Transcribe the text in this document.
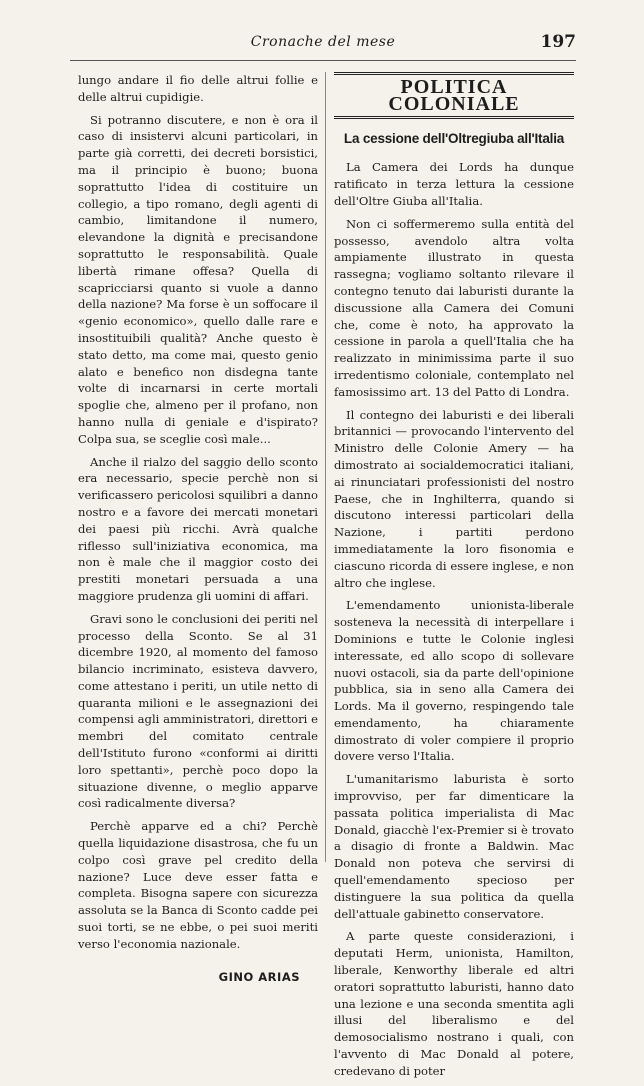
Cronache del mese	197

lungo andare il fio delle altrui follie e delle altrui cupidigie.

Si potranno discutere, e non è ora il caso di insistervi alcuni particolari, in parte già corretti, dei decreti borsistici, ma il principio è buono; buona soprattutto l'idea di costituire un collegio, a tipo romano, degli agenti di cambio, limitandone il numero, elevandone la dignità e precisandone soprattutto le responsabilità. Quale libertà rimane offesa? Quella di scapricciarsi quanto si vuole a danno della nazione? Ma forse è un soffocare il «genio economico», quello dalle rare e insostituibili qualità? Anche questo è stato detto, ma come mai, questo genio alato e benefico non disdegna tante volte di incarnarsi in certe mortali spoglie che, almeno per il profano, non hanno nulla di geniale e d'ispirato? Colpa sua, se sceglie così male...

Anche il rialzo del saggio dello sconto era necessario, specie perchè non si verificassero pericolosi squilibri a danno nostro e a favore dei mercati monetari dei paesi più ricchi. Avrà qualche riflesso sull'iniziativa economica, ma non è male che il maggior costo dei prestiti monetari persuada a una maggiore prudenza gli uomini di affari.

Gravi sono le conclusioni dei periti nel processo della Sconto. Se al 31 dicembre 1920, al momento del famoso bilancio incriminato, esisteva davvero, come attestano i periti, un utile netto di quaranta milioni e le assegnazioni dei compensi agli amministratori, direttori e membri del comitato centrale dell'Istituto furono «conformi ai diritti loro spettanti», perchè poco dopo la situazione divenne, o meglio apparve così radicalmente diversa?

Perchè apparve ed a chi? Perchè quella liquidazione disastrosa, che fu un colpo così grave pel credito della nazione? Luce deve esser fatta e completa. Bisogna sapere con sicurezza assoluta se la Banca di Sconto cadde pei suoi torti, se ne ebbe, o pei suoi meriti verso l'economia nazionale.

GINO ARIAS
POLITICA COLONIALE
La cessione dell'Oltregiuba all'Italia

La Camera dei Lords ha dunque ratificato in terza lettura la cessione dell'Oltre Giuba all'Italia.

Non ci soffermeremo sulla entità del possesso, avendolo altra volta ampiamente illustrato in questa rassegna; vogliamo soltanto rilevare il contegno tenuto dai laburisti durante la discussione alla Camera dei Comuni che, come è noto, ha approvato la cessione in parola a quell'Italia che ha realizzato in minimissima parte il suo irredentismo coloniale, contemplato nel famosissimo art. 13 del Patto di Londra.

Il contegno dei laburisti e dei liberali britannici — provocando l'intervento del Ministro delle Colonie Amery — ha dimostrato ai socialdemocratici italiani, ai rinunciatari professionisti del nostro Paese, che in Inghilterra, quando si discutono interessi particolari della Nazione, i partiti perdono immediatamente la loro fisonomia e ciascuno ricorda di essere inglese, e non altro che inglese.

L'emendamento unionista-liberale sosteneva la necessità di interpellare i Dominions e tutte le Colonie inglesi interessate, ed allo scopo di sollevare nuovi ostacoli, sia da parte dell'opinione pubblica, sia in seno alla Camera dei Lords. Ma il governo, respingendo tale emendamento, ha chiaramente dimostrato di voler compiere il proprio dovere verso l'Italia.

L'umanitarismo laburista è sorto improvviso, per far dimenticare la passata politica imperialista di Mac Donald, giacchè l'ex-Premier si è trovato a disagio di fronte a Baldwin. Mac Donald non poteva che servirsi di quell'emendamento specioso per distinguere la sua politica da quella dell'attuale gabinetto conservatore.

A parte queste considerazioni, i deputati Herm, unionista, Hamilton, liberale, Kenworthy liberale ed altri oratori soprattutto laburisti, hanno dato una lezione e una seconda smentita agli illusi del liberalismo e del demosocialismo nostrano i quali, con l'avvento di Mac Donald al potere, credevano di poter
